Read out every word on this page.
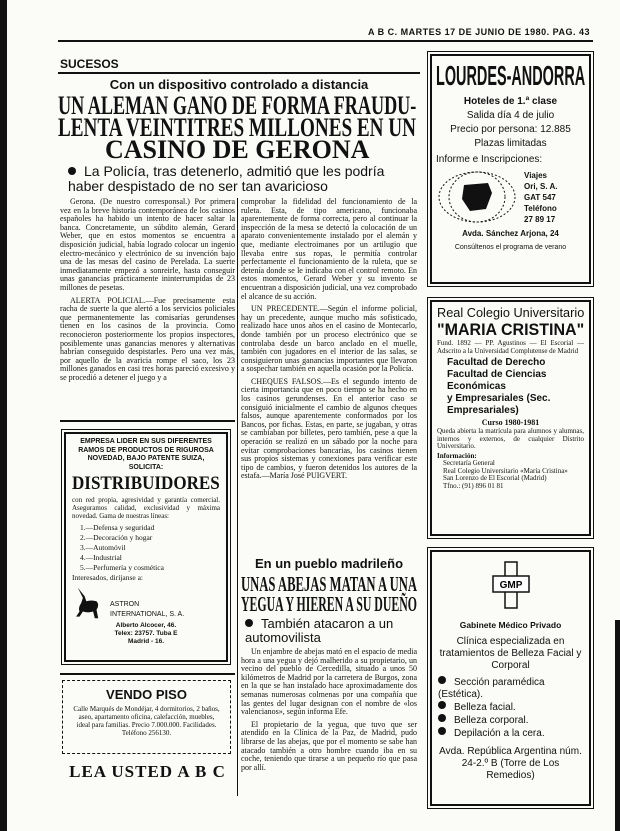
A B C. MARTES 17 DE JUNIO DE 1980. PAG. 43
SUCESOS
Con un dispositivo controlado a distancia
UN ALEMAN GANO DE FORMA FRAUDU-
LENTA VEINTITRES MILLONES EN UN
CASINO DE GERONA
La Policía, tras detenerlo, admitió que les podría haber despistado de no ser tan avaricioso

Gerona. (De nuestro corresponsal.) Por primera vez en la breve historia contemporánea de los casinos españoles ha habido un intento de hacer saltar la banca. Concretamente, un súbdito alemán, Gerard Weber, que en estos momentos se encuentra a disposición judicial, había logrado colocar un ingenio electro-mecánico y electrónico de su invención bajo una de las mesas del casino de Perelada. La suerte inmediatamente empezó a sonreirle, hasta conseguir unas ganancias prácticamente ininterrumpidas de 23 millones de pesetas.

ALERTA POLICIAL.—Fue precisamente esta racha de suerte la que alertó a los servicios policiales que permanentemente las comisarías gerundenses tienen en los casinos de la provincia. Como reconocieron posteriormente los propios inspectores, posiblemente unas ganancias menores y alternativas habrían conseguido despistarles. Pero una vez más, por aquello de la avaricia rompe el saco, los 23 millones ganados en casi tres horas pareció excesivo y se procedió a detener el juego y a

comprobar la fidelidad del funcionamiento de la ruleta. Esta, de tipo americano, funcionaba aparentemente de forma correcta, pero al continuar la inspección de la mesa se detectó la colocación de un aparato convenientemente instalado por el alemán y que, mediante electroimanes por un artilugio que llevaba entre sus ropas, le permitía controlar perfectamente el funcionamiento de la ruleta, que se detenía donde se le indicaba con el control remoto. En estos momentos, Gerard Weber y su invento se encuentran a disposición judicial, una vez comprobado el alcance de su acción.

UN PRECEDENTE.—Según el informe policial, hay un precedente, aunque mucho más sofisticado, realizado hace unos años en el casino de Montecarlo, donde también por un proceso electrónico que se controlaba desde un barco anclado en el muelle, también con jugadores en el interior de las salas, se consiguieron unas ganancias importantes que llevaron a sospechar también en aquella ocasión por la Policía.

CHEQUES FALSOS.—Es el segundo intento de cierta importancia que en poco tiempo se ha hecho en los casinos gerundenses. En el anterior caso se consiguió inicialmente el cambio de algunos cheques falsos, aunque aparentemente conformados por los Bancos, por fichas. Estas, en parte, se jugaban, y otras se cambiaban por billetes, pero también, pese a que la operación se realizó en un sábado por la noche para evitar comprobaciones bancarias, los casinos tienen sus propios sistemas y conexiones para verificar este tipo de cambios, y fueron detenidos los autores de la estafa.—María José PUIGVERT.

En un pueblo madrileño
UNAS ABEJAS MATAN A UNA
YEGUA Y HIEREN A SU DUEÑO
También atacaron a un automovilista

Un enjambre de abejas mató en el espacio de media hora a una yegua y dejó malherido a su propietario, un vecino del pueblo de Cercedilla, situado a unos 50 kilómetros de Madrid por la carretera de Burgos, zona en la que se han instalado hace aproximadamente dos semanas numerosas colmenas por una compañía que las gentes del lugar designan con el nombre de «los valencianos», según informa Efe.

El propietario de la yegua, que tuvo que ser atendido en la Clínica de la Paz, de Madrid, pudo librarse de las abejas, que por el momento se sabe han atacado también a otro hombre cuando iba en su coche, teniendo que tirarse a un pequeño río que pasa por allí.

EMPRESA LIDER EN SUS DIFERENTES RAMOS DE PRODUCTOS DE RIGUROSA NOVEDAD, BAJO PATENTE SUIZA, SOLICITA:
DISTRIBUIDORES
con red propia, agresividad y garantía comercial. Aseguramos calidad, exclusividad y máxima novedad. Gama de nuestras líneas:
1.—Defensa y seguridad
2.—Decoración y hogar
3.—Automóvil
4.—Industrial
5.—Perfumería y cosmética
Interesados, diríjanse a:
ASTRON
INTERNATIONAL, S. A.
Alberto Alcocer, 46.
Telex: 23757. Tuba E
Madrid - 16.
VENDO PISO
Calle Marqués de Mondéjar, 4 dormitorios, 2 baños, aseo, apartamento oficina, calefacción, muebles, ideal para familias. Precio 7.000.000. Facilidades. Teléfono 256130.
LEA USTED A B C
LOURDES-ANDORRA
Hoteles de 1.ª clase
Salida día 4 de julio
Precio por persona: 12.885
Plazas limitadas
Informe e Inscripciones:
Viajes
Ori, S. A.
GAT 547
Teléfono
27 89 17
Avda. Sánchez Arjona, 24
Consúltenos el programa de verano
Real Colegio Universitario
"MARIA CRISTINA"
Fund. 1892 — PP. Agustinos — El Escorial — Adscrito a la Universidad Complutense de Madrid
Facultad de Derecho
Facultad de Ciencias
Económicas
y Empresariales (Sec. Empresariales)
Curso 1980-1981
Queda abierta la matrícula para alumnos y alumnas, internos y externos, de cualquier Distrito Universitario.
Información:
Secretaría General
Real Colegio Universitario «María Cristina»
San Lorenzo de El Escorial (Madrid)
Tfno.: (91) 896 01 81
GMP
Gabinete Médico Privado
Clínica especializada en tratamientos de Belleza Facial y Corporal
Sección paramédica (Estética).
Belleza facial.
Belleza corporal.
Depilación a la cera.
Avda. República Argentina núm. 24-2.º B (Torre de Los Remedios)
